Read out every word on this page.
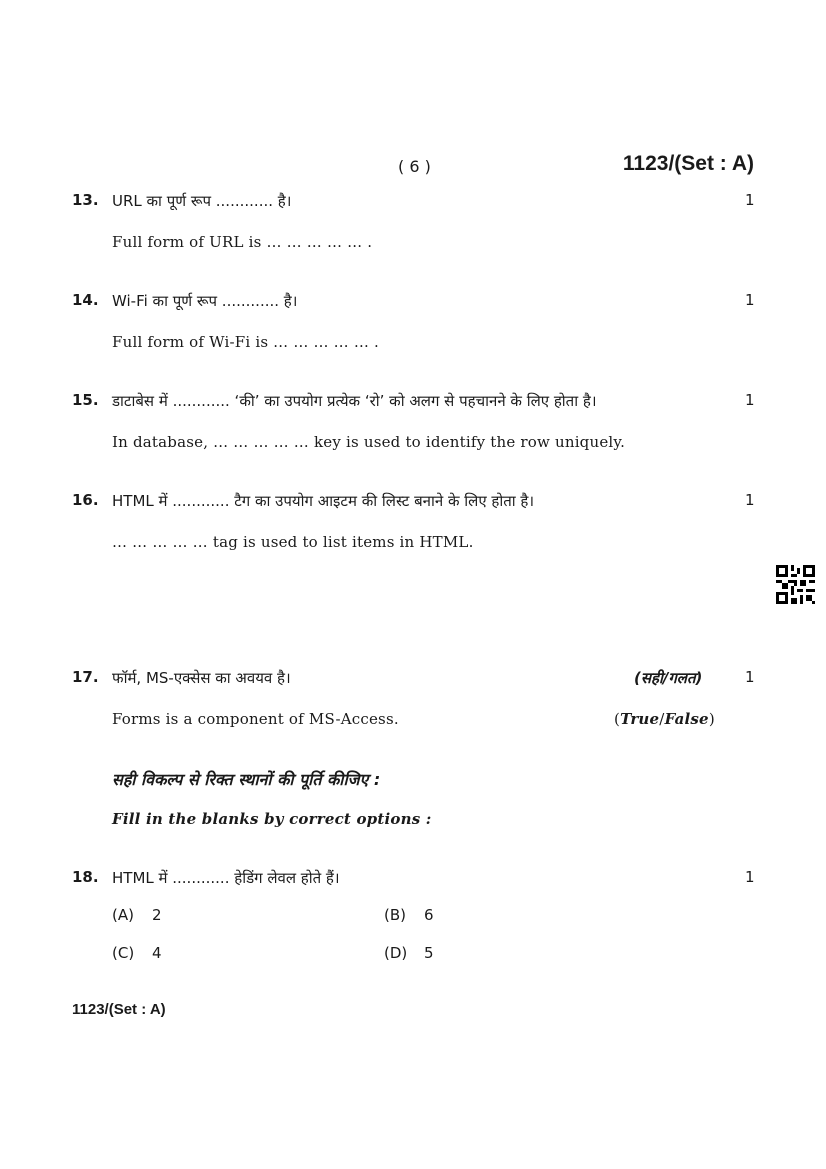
( 6 )	1123/(Set : A)
13. URL का पूर्ण रूप ............ है।	1
Full form of URL is … … … … … .
14. Wi-Fi का पूर्ण रूप ............ है।	1
Full form of Wi-Fi is … … … … … .
15. डाटाबेस में ............ ‘की’ का उपयोग प्रत्येक ‘रो’ को अलग से पहचानने के लिए होता है।	1
In database, … … … … … key is used to identify the row uniquely.
16. HTML में ............ टैग का उपयोग आइटम की लिस्ट बनाने के लिए होता है।	1
… … … … … tag is used to list items in HTML.
17. फॉर्म, MS-एक्सेस का अवयव है।	(सही/गलत)	1
Forms is a component of MS-Access.	(True/False)
सही विकल्प से रिक्त स्थानों की पूर्ति कीजिए :
Fill in the blanks by correct options :
18. HTML में ............ हेडिंग लेवल होते हैं।	1
(A) 2	(B) 6
(C) 4	(D) 5
1123/(Set : A)
